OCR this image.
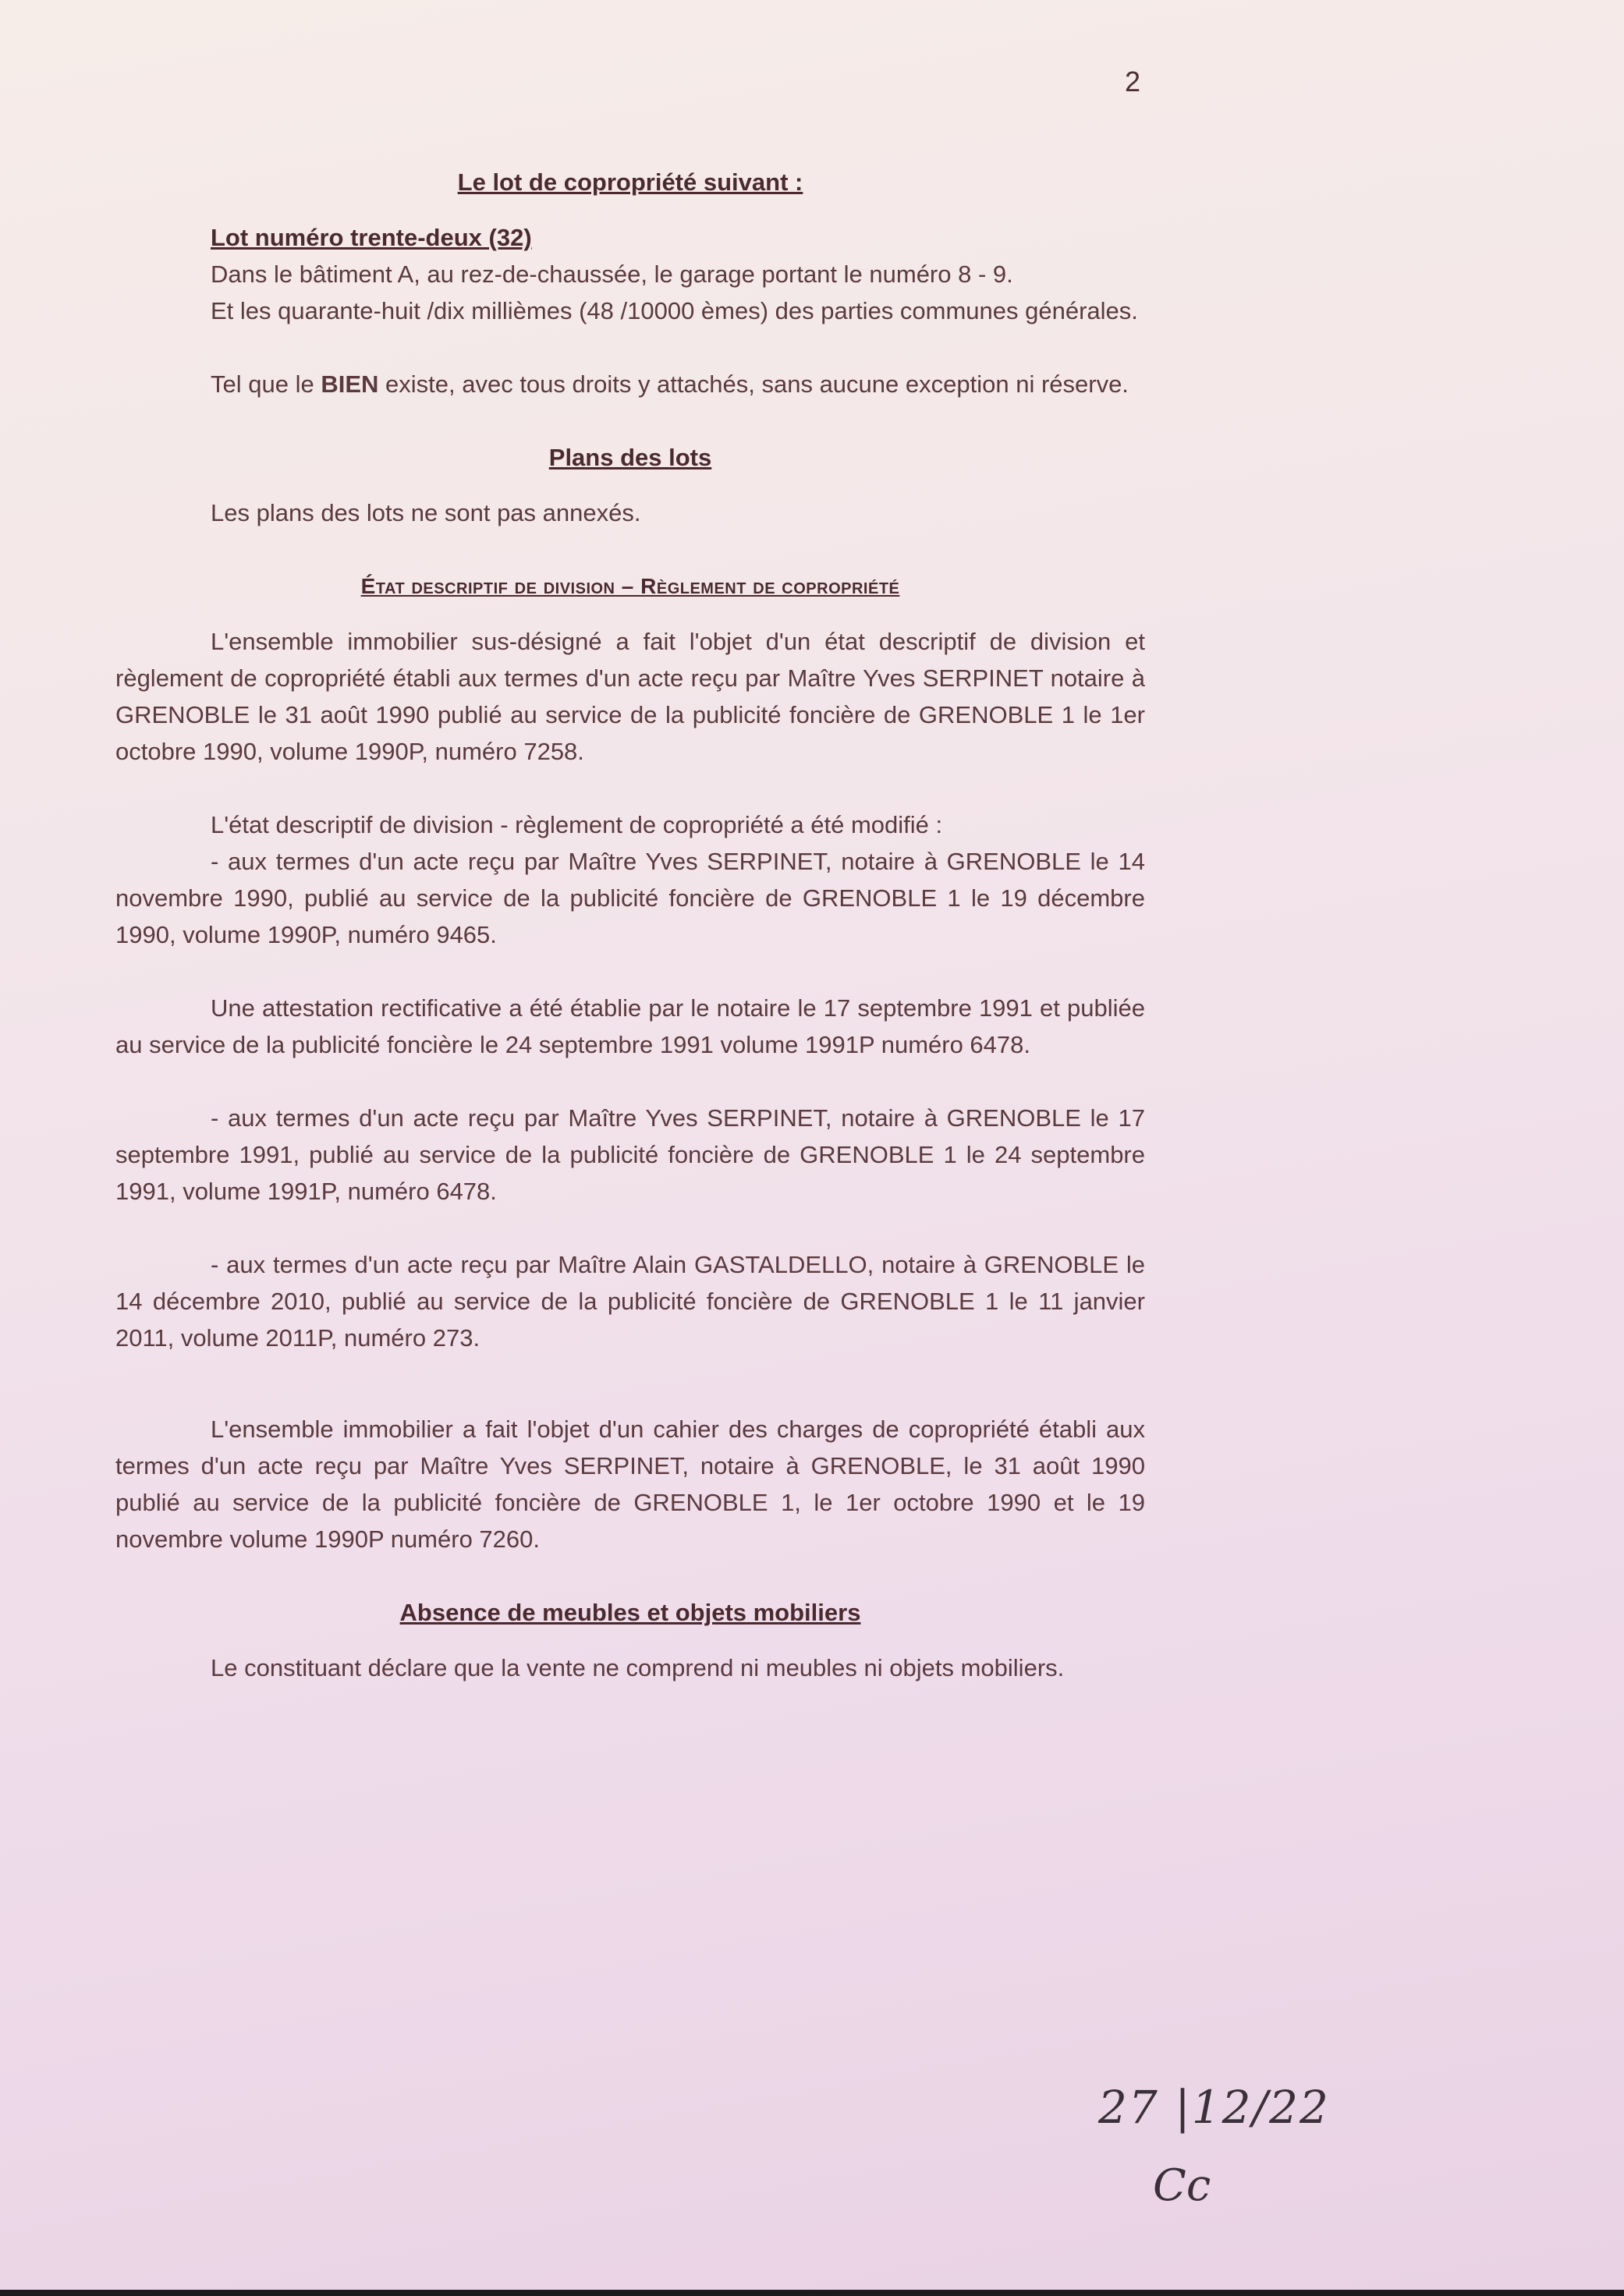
2
Le lot de copropriété suivant :
Lot numéro trente-deux (32)

Dans le bâtiment A, au rez-de-chaussée, le garage portant le numéro 8 - 9.

Et les quarante-huit /dix millièmes (48 /10000 èmes) des parties communes générales.

Tel que le BIEN existe, avec tous droits y attachés, sans aucune exception ni réserve.

Plans des lots

Les plans des lots ne sont pas annexés.

État descriptif de division – Règlement de copropriété

L'ensemble immobilier sus-désigné a fait l'objet d'un état descriptif de division et règlement de copropriété établi aux termes d'un acte reçu par Maître Yves SERPINET notaire à GRENOBLE le 31 août 1990 publié au service de la publicité foncière de GRENOBLE 1 le 1er octobre 1990, volume 1990P, numéro 7258.

L'état descriptif de division - règlement de copropriété a été modifié :

- aux termes d'un acte reçu par Maître Yves SERPINET, notaire à GRENOBLE le 14 novembre 1990, publié au service de la publicité foncière de GRENOBLE 1 le 19 décembre 1990, volume 1990P, numéro 9465.

Une attestation rectificative a été établie par le notaire le 17 septembre 1991 et publiée au service de la publicité foncière le 24 septembre 1991 volume 1991P numéro 6478.

- aux termes d'un acte reçu par Maître Yves SERPINET, notaire à GRENOBLE le 17 septembre 1991, publié au service de la publicité foncière de GRENOBLE 1 le 24 septembre 1991, volume 1991P, numéro 6478.

- aux termes d'un acte reçu par Maître Alain GASTALDELLO, notaire à GRENOBLE le 14 décembre 2010, publié au service de la publicité foncière de GRENOBLE 1 le 11 janvier 2011, volume 2011P, numéro 273.

L'ensemble immobilier a fait l'objet d'un cahier des charges de copropriété établi aux termes d'un acte reçu par Maître Yves SERPINET, notaire à GRENOBLE, le 31 août 1990 publié au service de la publicité foncière de GRENOBLE 1, le 1er octobre 1990 et le 19 novembre volume 1990P numéro 7260.

Absence de meubles et objets mobiliers

Le constituant déclare que la vente ne comprend ni meubles ni objets mobiliers.

27 |12/22
Cc
